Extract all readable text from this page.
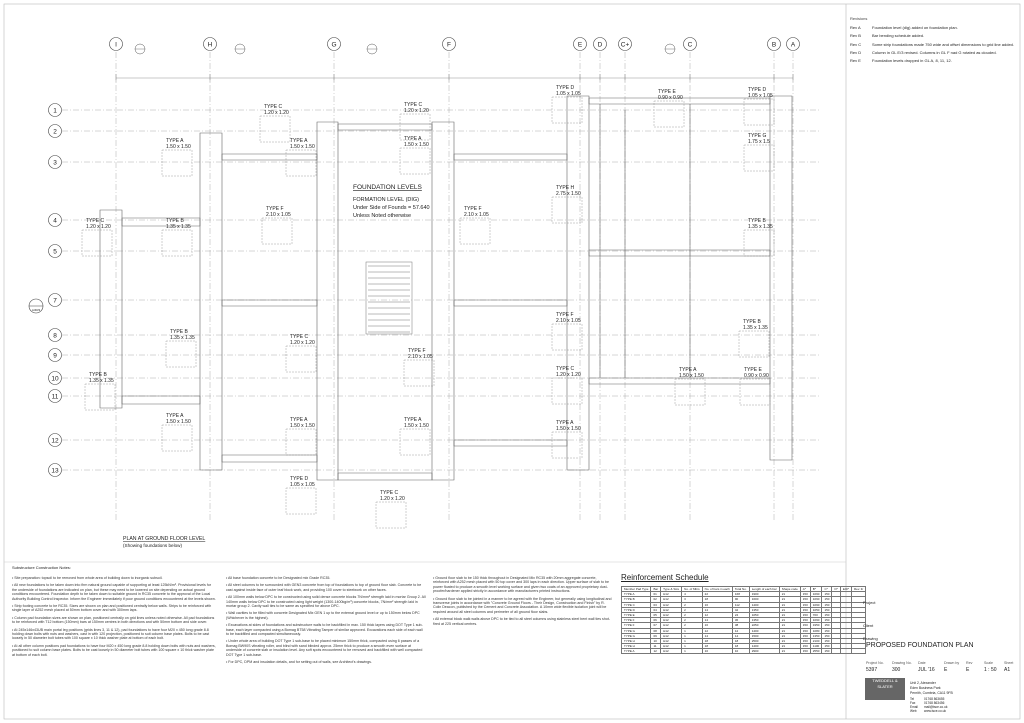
TYPE C
1.20 x 1.20
TYPE C
1.20 x 1.20
TYPE D
1.05 x 1.05	TYPE E
0.90 x 0.90
TYPE D
1.05 x 1.05
TYPE A
1.50 x 1.50
TYPE A
1.50 x 1.50
TYPE A
1.50 x 1.50
TYPE G
1.75 x 1.5
TYPE H
2.75 x 1.50
TYPE F
2.10 x 1.05
TYPE F
2.10 x 1.05
TYPE C
1.20 x 1.20
TYPE B
1.35 x 1.35
TYPE B
1.35 x 1.35
TYPE B
1.35 x 1.35	TYPE C
1.20 x 1.20
TYPE F
2.10 x 1.05
TYPE F
2.10 x 1.05	TYPE B
1.35 x 1.35
TYPE B
1.35 x 1.35
TYPE C
1.20 x 1.20
TYPE A
1.50 x 1.50
TYPE E
0.90 x 0.90
TYPE A
1.50 x 1.50	TYPE A
1.50 x 1.50
TYPE A
1.50 x 1.50	TYPE A
1.50 x 1.50
TYPE D
1.05 x 1.05
TYPE C
1.20 x 1.20
I	H	G	F	E D	C+	C	B A
1
2
3
4
5
7
8
9
10
11
12
13
FOUNDATION LEVELS
FORMATION LEVEL (DIG)
Under Side of Founds = 57.640
Unless Noted otherwise
PLAN AT GROUND FLOOR LEVEL
(Showing foundations below)
A/4R3
Revisions
Rev A	Foundation level (dig) added on foundation plan.
Rev B	Bar bending schedule added.
Rev C	Some strip foundations made 750 wide and offset dimensions to grid line added.
Rev D	Column in GL E/3 revised. Columns in GL F nad G rotated as clouded.
Rev E	Foundation levels dropped in GL A, 8, 11, 12.
Substructure Construction Notes:

• Site preparation: topsoil to be removed from whole area of building down to inorganic subsoil.

• All new foundations to be taken down into firm natural ground capable of supporting at least 125kN/m². Provisional levels for the underside of foundations are indicated on plan, but these may need to be lowered on site depending on actual ground conditions encountered. Foundation depth to be taken down to suitable ground in RC35 concrete to the approval of the Local Authority Building Control Inspector. Inform the Engineer immediately if poor ground conditions encountered at the levels shown.

• Strip footing concrete to be RC35. Sizes are shown on plan and positioned centrally below walls. Strips to be reinforced with single layer of A252 mesh placed at 50mm bottom cover and with 300mm laps.

• Column pad foundation sizes are shown on plan, positioned centrally on grid lines unless noted otherwise. All pad foundations to be reinforced with T12 bottom (150mm) bars at 150mm centres in both directions and with 50mm bottom and side cover.

• At 245x146x43UB main portal leg positions (grids lines 3, 11 & 12), pad foundations to have four M20 x 450 long grade 8.8 holding down bolts with nuts and washers, cast in with 120 projection, positioned to suit column base plates. Bolts to be cast loosely in 50 diameter bolt tubes with 100 square x 10 thick washer plate at bottom of each bolt.

• At all other column positions pad foundations to have four M20 x 450 long grade 8.8 holding down bolts with nuts and washers, positioned to suit column base plates. Bolts to be cast loosely in 50 diameter bolt tubes with 100 square x 10 thick washer plate at bottom of each bolt.

• All base foundation concrete to be Designated mix Grade RC35.

• All steel columns to be surrounded with GEN3 concrete from top of foundations to top of ground floor slab. Concrete to be cast against inside face of outer leaf block work, and providing 100 cover to steelwork on other faces.

• All 100mm walls below DPC to be constructed using solid dense concrete blocks 7N/mm² strength laid in mortar Group 2. All 140mm walls below DPC to be constructed using light weight (1300-1400kg/m³) concrete blocks, 7N/mm² strength laid in mortar group 2. Cavity wall ties to be same as specified for above DPC.

• Wall cavities to be filled with concrete Designated Mix GEN 1 up to the external ground level or up to 150mm below DPC (Whichever is the highest).

• Excavations at sides of foundations and substructure walls to be backfilled in max. 150 thick layers using DOT Type 1 sub-base, each layer compacted using a Bomag BT58 Vibrating Tamper of similar approved. Excavations each side of each wall to be backfilled and compacted simultaneously.

• Under whole area of building DOT Type 1 sub-base to be placed minimum 150mm thick, compacted using 6 passes of a Bomag BW90S vibrating roller, and blind with sand blinded approx. 25mm thick to produce a smooth even surface at underside of concrete slab or insulation level. Any soft spots encountered to be removed and backfilled with well compacted DOT Type 1 sub-base.

• For DPC, DPM and insulation details, and for setting out of walls, see Architect's drawings.

• Ground floor slab to be 150 thick throughout in Designated Mix RC35 with 20mm aggregate concrete, reinforced with A252 mesh placed with 50 top cover and 300 laps in each direction. Upper surface of slab to be power floated to produce a smooth level working surface and given two coats of an approved proprietary dust-proofer/hardener applied strictly in accordance with manufacturers printed instructions.

• Ground floor slab to be jointed in a manner to be agreed with the Engineer, but generally using longitudinal and transverse joints in accordance with "Concrete Ground Floors - Their Design, Construction and Finish" by R. Colin Deacon, published by the Cement and Concrete Association. A 10mm wide flexible isolation joint will be required around all steel columns and perimeter of all ground floor slabs.

• All external block walk walls above DPC to be tied to all steel columns using stainless steel bent wall ties shot-fired at 225 vertical centres.

Reinforcement Schedule
Member Pad Type	Bar	Type & Size	No. of Mbrs	No. of bars in each	Total No.	Length of each bar	Shape code	A*	B*	C*	D*	E/R*	Rev. ltr
TYPE A	01	H12	4	22	168	1900	21	150	1090	150			
TYPE B	02	H12	3	18	90	1600	21	150	1090	150			
TYPE C	03	H12	2	16	112	1400	21	150	1090	150			
TYPE D	04	H12	2	14	42	1350	21	150	1050	150			
TYPE E	05	H12	2	12	24	1050	21	150	700	150			
TYPE F	06	H12	2	14	36	1350	21	150	1090	150			
TYPE F	07	H12	2	16	38	2250	21	150	1950	150			
TYPE G	08	H12	1	12	12	1400	21	150	1080	150			
TYPE G	09	H12	1	14	14	1500	21	150	1350	150			
TYPE H	10	H12	1	18	18	2500	21	150	2100	150			
TYPE H	11	H12	1	18	18	1400	21	150	1100	150			
TYPE A	12	H12	1	10	10	2900	21	150	2550	150			
Project
Client
Drawing
PROPOSED FOUNDATION PLAN
Project No.
5397
Drawing No.
300
Date
JUL '16
Drawn by
E
Rev
E
Scale
1 : 50
Sheet
A1
TWEDDELL & SLATER
Unit 2, Alexander
Eden Business Park
Penrith, Cumbria, CA11 9FB
Tel	01768 863655
Fax	01768 863456
Email mail@tsce.co.uk
Web www.tsce.co.uk
